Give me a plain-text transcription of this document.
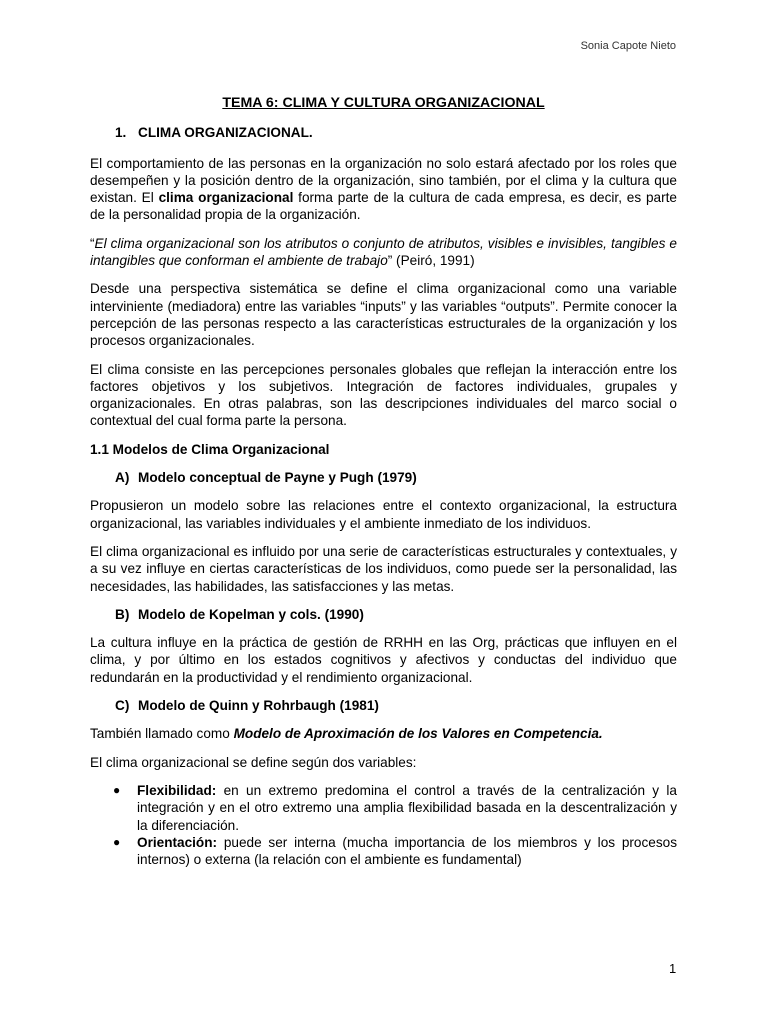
Sonia Capote Nieto
TEMA 6: CLIMA Y CULTURA ORGANIZACIONAL
1. CLIMA ORGANIZACIONAL.

El comportamiento de las personas en la organización no solo estará afectado por los roles que desempeñen y la posición dentro de la organización, sino también, por el clima y la cultura que existan. El clima organizacional forma parte de la cultura de cada empresa, es decir, es parte de la personalidad propia de la organización.

“El clima organizacional son los atributos o conjunto de atributos, visibles e invisibles, tangibles e intangibles que conforman el ambiente de trabajo” (Peiró, 1991)

Desde una perspectiva sistemática se define el clima organizacional como una variable interviniente (mediadora) entre las variables “inputs” y las variables “outputs”. Permite conocer la percepción de las personas respecto a las características estructurales de la organización y los procesos organizacionales.

El clima consiste en las percepciones personales globales que reflejan la interacción entre los factores objetivos y los subjetivos. Integración de factores individuales, grupales y organizacionales. En otras palabras, son las descripciones individuales del marco social o contextual del cual forma parte la persona.

1.1 Modelos de Clima Organizacional
A) Modelo conceptual de Payne y Pugh (1979)

Propusieron un modelo sobre las relaciones entre el contexto organizacional, la estructura organizacional, las variables individuales y el ambiente inmediato de los individuos.

El clima organizacional es influido por una serie de características estructurales y contextuales, y a su vez influye en ciertas características de los individuos, como puede ser la personalidad, las necesidades, las habilidades, las satisfacciones y las metas.

B) Modelo de Kopelman y cols. (1990)

La cultura influye en la práctica de gestión de RRHH en las Org, prácticas que influyen en el clima, y por último en los estados cognitivos y afectivos y conductas del individuo que redundarán en la productividad y el rendimiento organizacional.

C) Modelo de Quinn y Rohrbaugh (1981)

También llamado como Modelo de Aproximación de los Valores en Competencia.

El clima organizacional se define según dos variables:

● Flexibilidad: en un extremo predomina el control a través de la centralización y la integración y en el otro extremo una amplia flexibilidad basada en la descentralización y la diferenciación.
● Orientación: puede ser interna (mucha importancia de los miembros y los procesos internos) o externa (la relación con el ambiente es fundamental)
1
